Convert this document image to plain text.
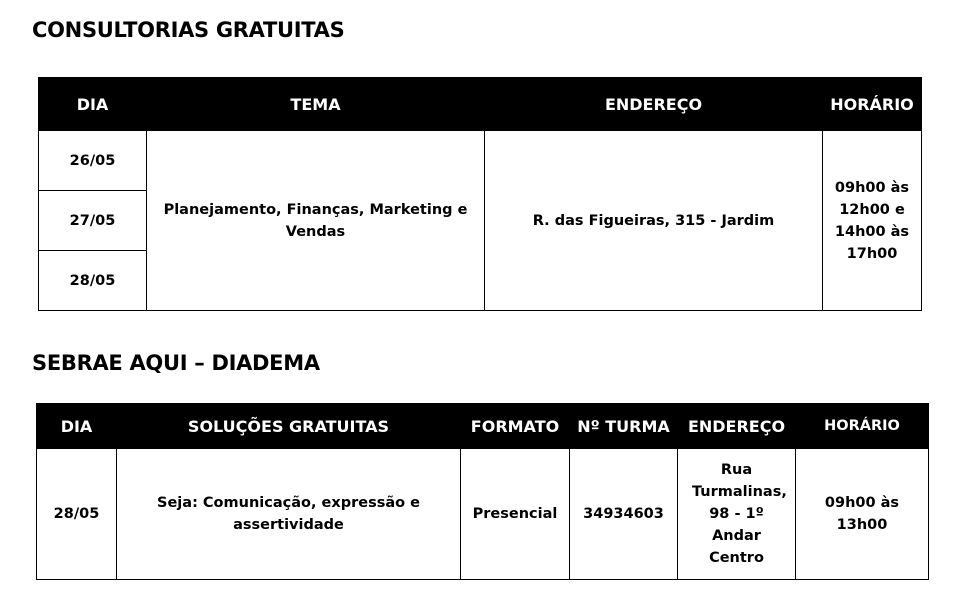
CONSULTORIAS GRATUITAS
DIA	TEMA	ENDEREÇO	HORÁRIO
26/05	Planejamento, Finanças, Marketing e Vendas	R. das Figueiras, 315 - Jardim	09h00 às 12h00 e 14h00 às 17h00
27/05			
28/05			
SEBRAE AQUI – DIADEMA
DIA	SOLUÇÕES GRATUITAS	FORMATO	Nº TURMA	ENDEREÇO	HORÁRIO
28/05	Seja: Comunicação, expressão e assertividade	Presencial	34934603	Rua Turmalinas, 98 - 1º Andar Centro	09h00 às 13h00
